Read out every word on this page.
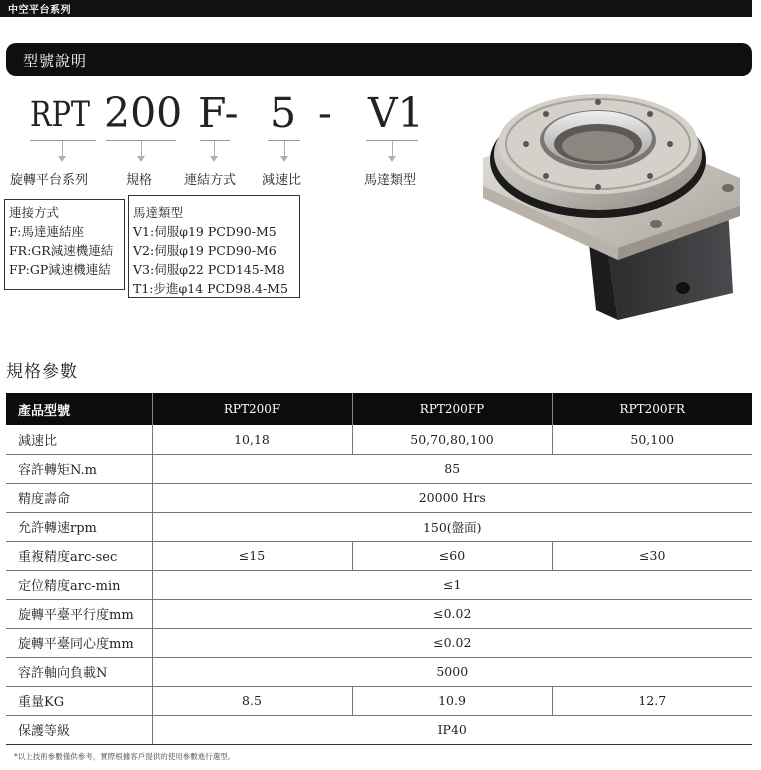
中空平台系列
型號說明
RPT 200 F- 5 - V1
旋轉平台系列	規格 連結方式 減速比	馬達類型
連接方式
F:馬達連結座
FR:GR減速機連結
FP:GP減速機連結
馬達類型
V1:伺服φ19 PCD90-M5
V2:伺服φ19 PCD90-M6
V3:伺服φ22 PCD145-M8
T1:步進φ14 PCD98.4-M5
規格參數
產品型號	RPT200F	RPT200FP	RPT200FR
減速比	10,18	50,70,80,100	50,100
容許轉矩N.m	85		
精度壽命	20000 Hrs		
允許轉速rpm	150(盤面)		
重複精度arc-sec	≤15	≤60	≤30
定位精度arc-min	≤1		
旋轉平臺平行度mm	≤0.02		
旋轉平臺同心度mm	≤0.02		
容許軸向負載N	5000		
重量KG	8.5	10.9	12.7
保護等級	IP40		
*以上技術參數僅供參考，實際根據客戶提供的使用參數進行選型。
